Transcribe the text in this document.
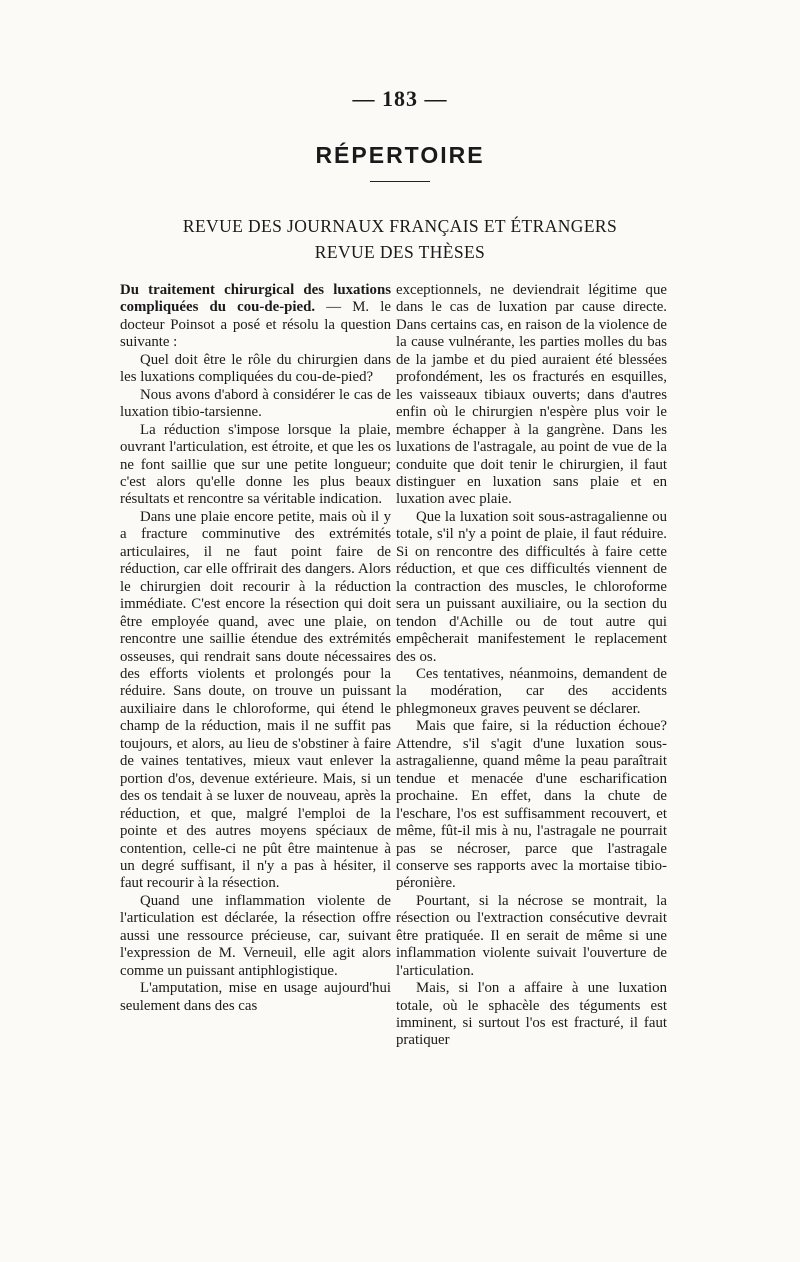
— 183 —
RÉPERTOIRE
REVUE DES JOURNAUX FRANÇAIS ET ÉTRANGERS
REVUE DES THÈSES

Du traitement chirurgical des luxations compliquées du cou-de-pied. — M. le docteur Poinsot a posé et résolu la question suivante :

Quel doit être le rôle du chirurgien dans les luxations compliquées du cou-de-pied?

Nous avons d'abord à considérer le cas de luxation tibio-tarsienne.

La réduction s'impose lorsque la plaie, ouvrant l'articulation, est étroite, et que les os ne font saillie que sur une petite longueur; c'est alors qu'elle donne les plus beaux résultats et rencontre sa véritable indication.

Dans une plaie encore petite, mais où il y a fracture comminutive des extrémités articulaires, il ne faut point faire de réduction, car elle offrirait des dangers. Alors le chirurgien doit recourir à la réduction immédiate. C'est encore la résection qui doit être employée quand, avec une plaie, on rencontre une saillie étendue des extrémités osseuses, qui rendrait sans doute nécessaires des efforts violents et prolongés pour la réduire. Sans doute, on trouve un puissant auxiliaire dans le chloroforme, qui étend le champ de la réduction, mais il ne suffit pas toujours, et alors, au lieu de s'obstiner à faire de vaines tentatives, mieux vaut enlever la portion d'os, devenue extérieure. Mais, si un des os tendait à se luxer de nouveau, après la réduction, et que, malgré l'emploi de la pointe et des autres moyens spéciaux de contention, celle-ci ne pût être maintenue à un degré suffisant, il n'y a pas à hésiter, il faut recourir à la résection.

Quand une inflammation violente de l'articulation est déclarée, la résection offre aussi une ressource précieuse, car, suivant l'expression de M. Verneuil, elle agit alors comme un puissant antiphlogistique.

L'amputation, mise en usage aujourd'hui seulement dans des cas

exceptionnels, ne deviendrait légitime que dans le cas de luxation par cause directe. Dans certains cas, en raison de la violence de la cause vulnérante, les parties molles du bas de la jambe et du pied auraient été blessées profondément, les os fracturés en esquilles, les vaisseaux tibiaux ouverts; dans d'autres enfin où le chirurgien n'espère plus voir le membre échapper à la gangrène. Dans les luxations de l'astragale, au point de vue de la conduite que doit tenir le chirurgien, il faut distinguer en luxation sans plaie et en luxation avec plaie.

Que la luxation soit sous-astragalienne ou totale, s'il n'y a point de plaie, il faut réduire. Si on rencontre des difficultés à faire cette réduction, et que ces difficultés viennent de la contraction des muscles, le chloroforme sera un puissant auxiliaire, ou la section du tendon d'Achille ou de tout autre qui empêcherait manifestement le replacement des os.

Ces tentatives, néanmoins, demandent de la modération, car des accidents phlegmoneux graves peuvent se déclarer.

Mais que faire, si la réduction échoue? Attendre, s'il s'agit d'une luxation sous-astragalienne, quand même la peau paraîtrait tendue et menacée d'une escharification prochaine. En effet, dans la chute de l'eschare, l'os est suffisamment recouvert, et même, fût-il mis à nu, l'astragale ne pourrait pas se nécroser, parce que l'astragale conserve ses rapports avec la mortaise tibio-péronière.

Pourtant, si la nécrose se montrait, la résection ou l'extraction consécutive devrait être pratiquée. Il en serait de même si une inflammation violente suivait l'ouverture de l'articulation.

Mais, si l'on a affaire à une luxation totale, où le sphacèle des téguments est imminent, si surtout l'os est fracturé, il faut pratiquer
